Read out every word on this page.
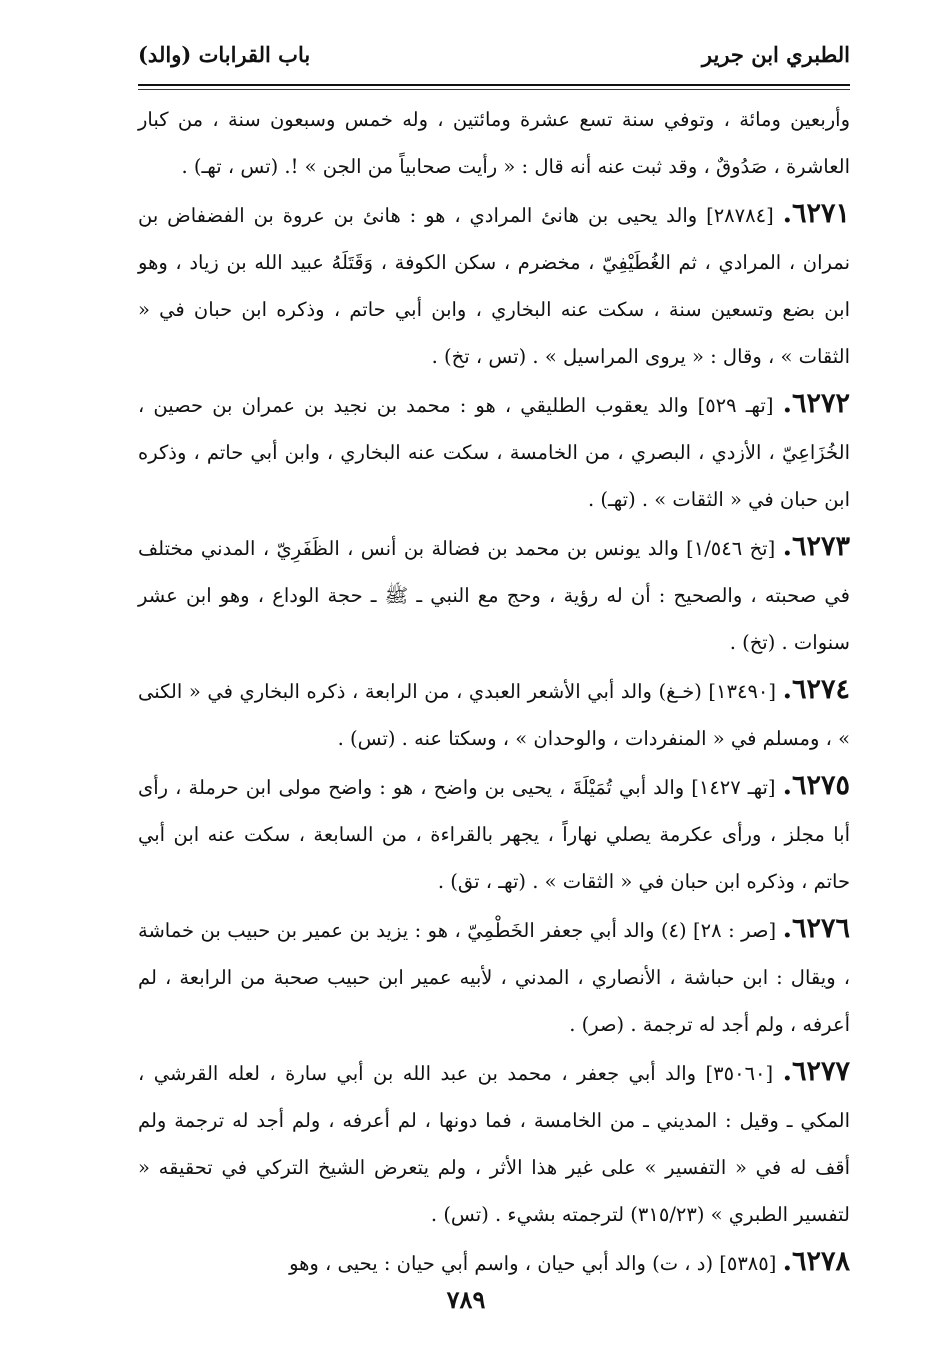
الطبري ابن جرير
باب القرابات (والد)

وأربعين ومائة ، وتوفي سنة تسع عشرة ومائتين ، وله خمس وسبعون سنة ، من كبار العاشرة ، صَدُوقٌ ، وقد ثبت عنه أنه قال : « رأيت صحابياً من الجن » !. (تس ، تهـ) .

٦٢٧١. [٢٨٧٨٤] والد يحيى بن هانئ المرادي ، هو : هانئ بن عروة بن الفضفاض بن نمران ، المرادي ، ثم الغُطَيْفِيّ ، مخضرم ، سكن الكوفة ، وَقَتَلَهُ عبيد الله بن زياد ، وهو ابن بضع وتسعين سنة ، سكت عنه البخاري ، وابن أبي حاتم ، وذكره ابن حبان في « الثقات » ، وقال : « يروى المراسيل » . (تس ، تخ) .

٦٢٧٢. [تهـ ٥٢٩] والد يعقوب الطليقي ، هو : محمد بن نجيد بن عمران بن حصين ، الخُزَاعِيّ ، الأزدي ، البصري ، من الخامسة ، سكت عنه البخاري ، وابن أبي حاتم ، وذكره ابن حبان في « الثقات » . (تهـ) .

٦٢٧٣. [تخ ١/٥٤٦] والد يونس بن محمد بن فضالة بن أنس ، الظَفَرِيّ ، المدني مختلف في صحبته ، والصحيح : أن له رؤية ، وحج مع النبي ـ ﷺ ـ حجة الوداع ، وهو ابن عشر سنوات . (تخ) .

٦٢٧٤. [١٣٤٩٠] (خـغ) والد أبي الأشعر العبدي ، من الرابعة ، ذكره البخاري في « الكنى » ، ومسلم في « المنفردات ، والوحدان » ، وسكتا عنه . (تس) .

٦٢٧٥. [تهـ ١٤٢٧] والد أبي تُمَيْلَةَ ، يحيى بن واضح ، هو : واضح مولى ابن حرملة ، رأى أبا مجلز ، ورأى عكرمة يصلي نهاراً ، يجهر بالقراءة ، من السابعة ، سكت عنه ابن أبي حاتم ، وذكره ابن حبان في « الثقات » . (تهـ ، تق) .

٦٢٧٦. [صر : ٢٨] (٤) والد أبي جعفر الخَطْمِيّ ، هو : يزيد بن عمير بن حبيب بن خماشة ، ويقال : ابن حباشة ، الأنصاري ، المدني ، لأبيه عمير ابن حبيب صحبة من الرابعة ، لم أعرفه ، ولم أجد له ترجمة . (صر) .

٦٢٧٧. [٣٥٠٦٠] والد أبي جعفر ، محمد بن عبد الله بن أبي سارة ، لعله القرشي ، المكي ـ وقيل : المديني ـ من الخامسة ، فما دونها ، لم أعرفه ، ولم أجد له ترجمة ولم أقف له في « التفسير » على غير هذا الأثر ، ولم يتعرض الشيخ التركي في تحقيقه « لتفسير الطبري » (٣١٥/٢٣) لترجمته بشيء . (تس) .

٦٢٧٨. [٥٣٨٥] (د ، ت) والد أبي حيان ، واسم أبي حيان : يحيى ، وهو

٧٨٩
